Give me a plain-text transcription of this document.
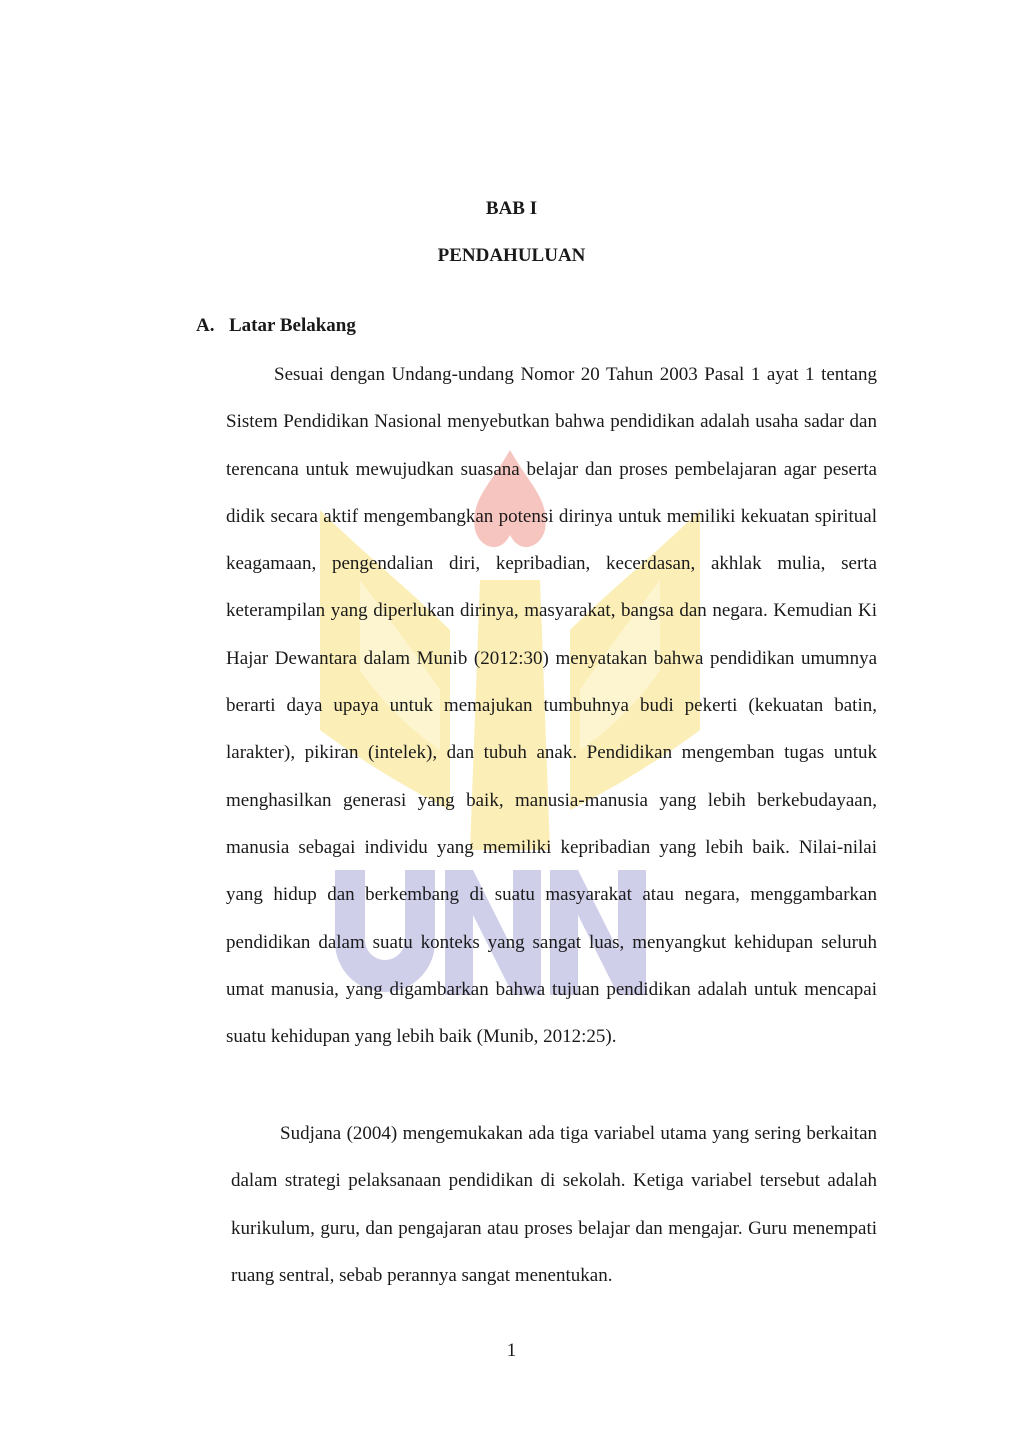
BAB I
PENDAHULUAN
A. Latar Belakang

Sesuai dengan Undang-undang Nomor 20 Tahun 2003 Pasal 1 ayat 1 tentang Sistem Pendidikan Nasional menyebutkan bahwa pendidikan adalah usaha sadar dan terencana untuk mewujudkan suasana belajar dan proses pembelajaran agar peserta didik secara aktif mengembangkan potensi dirinya untuk memiliki kekuatan spiritual keagamaan, pengendalian diri, kepribadian, kecerdasan, akhlak mulia, serta keterampilan yang diperlukan dirinya, masyarakat, bangsa dan negara. Kemudian Ki Hajar Dewantara dalam Munib (2012:30) menyatakan bahwa pendidikan umumnya berarti daya upaya untuk memajukan tumbuhnya budi pekerti (kekuatan batin, larakter), pikiran (intelek), dan tubuh anak. Pendidikan mengemban tugas untuk menghasilkan generasi yang baik, manusia-manusia yang lebih berkebudayaan, manusia sebagai individu yang memiliki kepribadian yang lebih baik. Nilai-nilai yang hidup dan berkembang di suatu masyarakat atau negara, menggambarkan pendidikan dalam suatu konteks yang sangat luas, menyangkut kehidupan seluruh umat manusia, yang digambarkan bahwa tujuan pendidikan adalah untuk mencapai suatu kehidupan yang lebih baik (Munib, 2012:25).

Sudjana (2004) mengemukakan ada tiga variabel utama yang sering berkaitan dalam strategi pelaksanaan pendidikan di sekolah. Ketiga variabel tersebut adalah kurikulum, guru, dan pengajaran atau proses belajar dan mengajar. Guru menempati ruang sentral, sebab perannya sangat menentukan.

1
